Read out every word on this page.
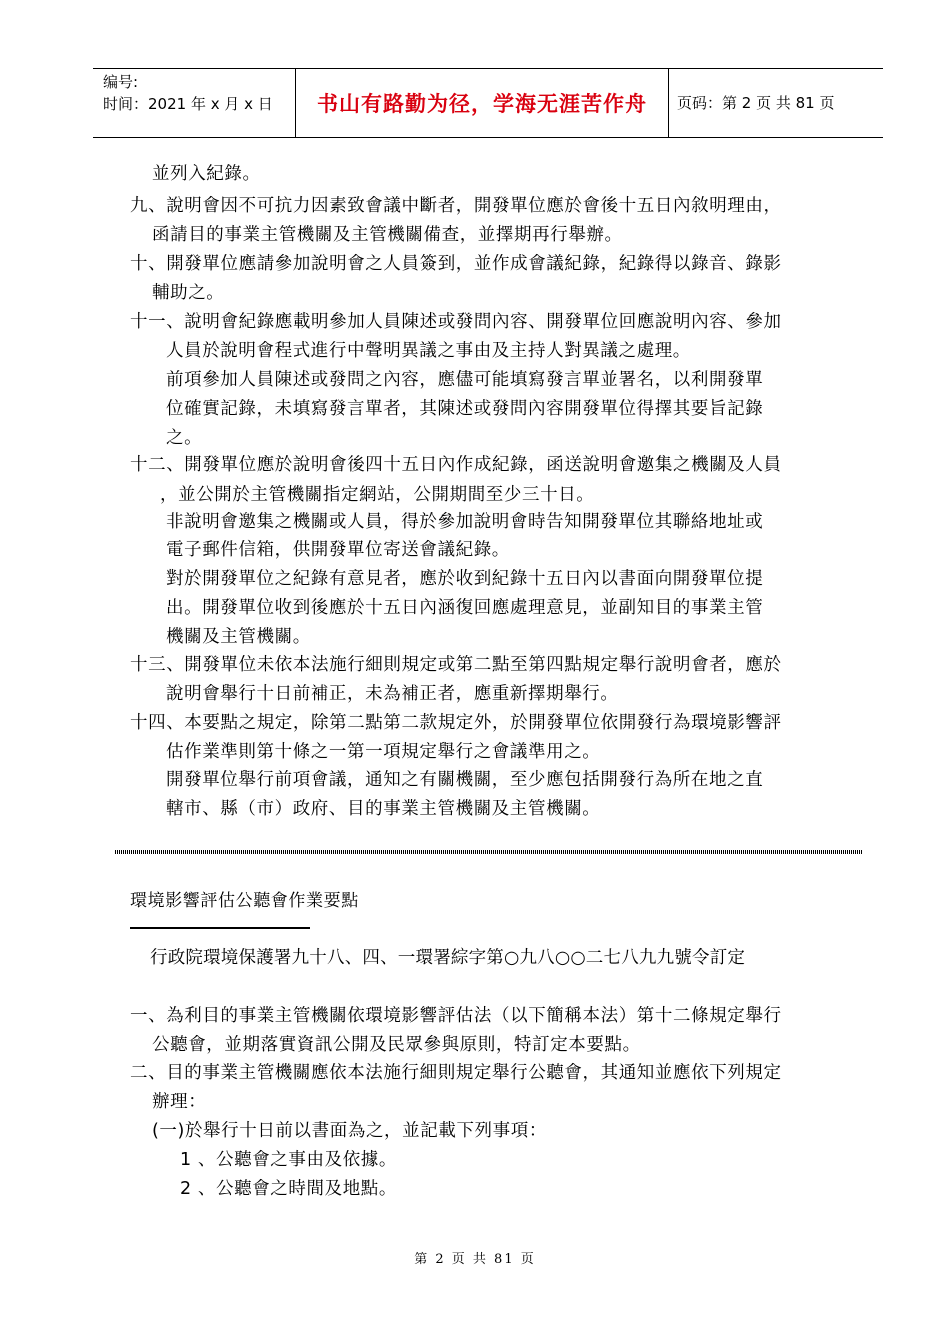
编号:
时间：2021 年 x 月 x 日	书山有路勤为径，学海无涯苦作舟	页码：第 2 页 共 81 页
並列入紀錄。
九、說明會因不可抗力因素致會議中斷者，開發單位應於會後十五日內敘明理由，
函請目的事業主管機關及主管機關備查，並擇期再行舉辦。
十、開發單位應請參加說明會之人員簽到，並作成會議紀錄，紀錄得以錄音、錄影
輔助之。
十一、說明會紀錄應載明參加人員陳述或發問內容、開發單位回應說明內容、參加
人員於說明會程式進行中聲明異議之事由及主持人對異議之處理。
前項參加人員陳述或發問之內容，應儘可能填寫發言單並署名，以利開發單
位確實記錄，未填寫發言單者，其陳述或發問內容開發單位得擇其要旨記錄
之。
十二、開發單位應於說明會後四十五日內作成紀錄，函送說明會邀集之機關及人員
，並公開於主管機關指定網站，公開期間至少三十日。
非說明會邀集之機關或人員，得於參加說明會時告知開發單位其聯絡地址或
電子郵件信箱，供開發單位寄送會議紀錄。
對於開發單位之紀錄有意見者，應於收到紀錄十五日內以書面向開發單位提
出。開發單位收到後應於十五日內涵復回應處理意見，並副知目的事業主管
機關及主管機關。
十三、開發單位未依本法施行細則規定或第二點至第四點規定舉行說明會者，應於
說明會舉行十日前補正，未為補正者，應重新擇期舉行。
十四、本要點之規定，除第二點第二款規定外，於開發單位依開發行為環境影響評
估作業準則第十條之一第一項規定舉行之會議準用之。
開發單位舉行前項會議，通知之有關機關，至少應包括開發行為所在地之直
轄市、縣（市）政府、目的事業主管機關及主管機關。
環境影響評估公聽會作業要點
行政院環境保護署九十八、四、一環署綜字第○九八○○二七八九九號令訂定
一、為利目的事業主管機關依環境影響評估法（以下簡稱本法）第十二條規定舉行
公聽會，並期落實資訊公開及民眾參與原則，特訂定本要點。
二、目的事業主管機關應依本法施行細則規定舉行公聽會，其通知並應依下列規定
辦理：
(一)於舉行十日前以書面為之，並記載下列事項：
1 、公聽會之事由及依據。
2 、公聽會之時間及地點。
第 2 页 共 81 页
